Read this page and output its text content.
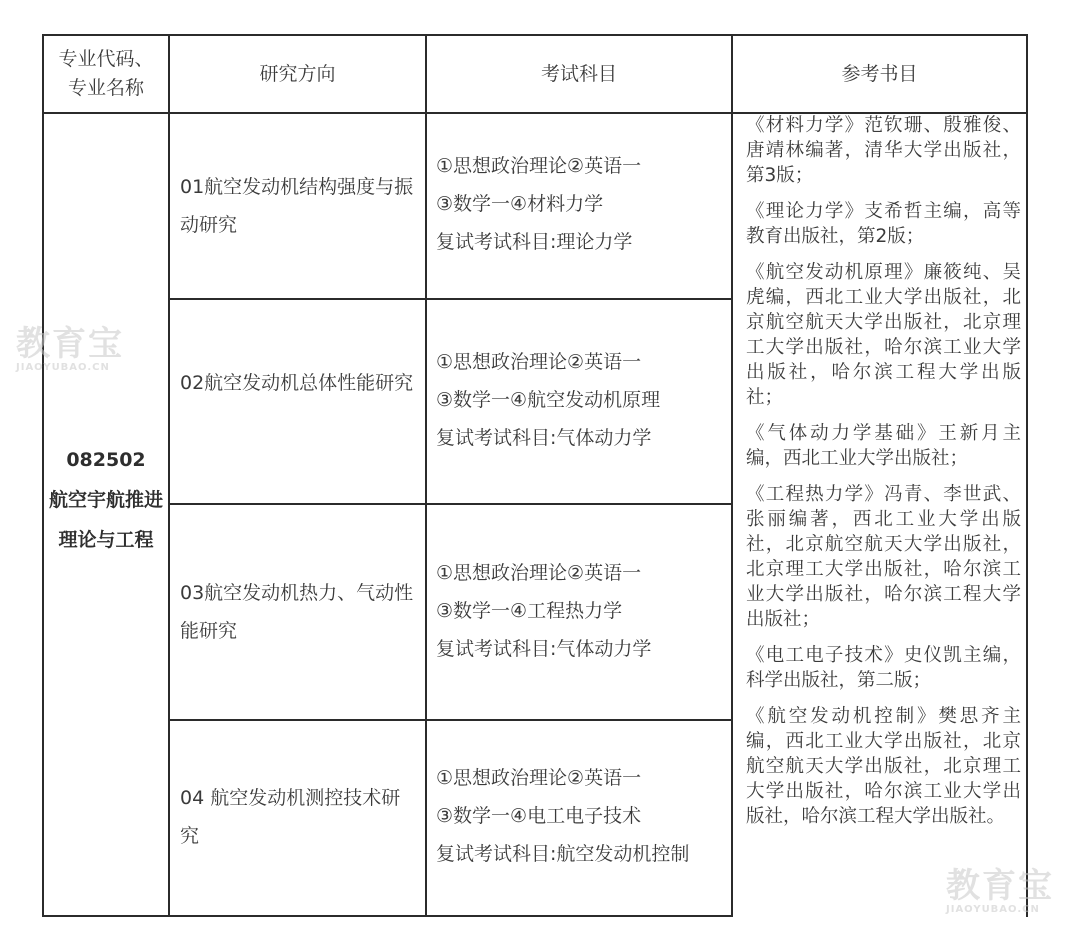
专业代码、专业名称
研究方向	考试科目	参考书目
082502
航空宇航推进理论与工程
01航空发动机结构强度与振动研究
02航空发动机总体性能研究
03航空发动机热力、气动性能研究
04 航空发动机测控技术研究
①思想政治理论②英语一
③数学一④材料力学
复试考试科目:理论力学
①思想政治理论②英语一
③数学一④航空发动机原理
复试考试科目:气体动力学
①思想政治理论②英语一
③数学一④工程热力学
复试考试科目:气体动力学
①思想政治理论②英语一
③数学一④电工电子技术
复试考试科目:航空发动机控制

《材料力学》范钦珊、殷雅俊、唐靖林编著，清华大学出版社，第3版；

《理论力学》支希哲主编，高等教育出版社，第2版；

《航空发动机原理》廉筱纯、吴虎编，西北工业大学出版社，北京航空航天大学出版社，北京理工大学出版社，哈尔滨工业大学出版社，哈尔滨工程大学出版社；

《气体动力学基础》王新月主编，西北工业大学出版社；

《工程热力学》冯青、李世武、张丽编著，西北工业大学出版社，北京航空航天大学出版社，北京理工大学出版社，哈尔滨工业大学出版社，哈尔滨工程大学出版社；

《电工电子技术》史仪凯主编，科学出版社，第二版；

《航空发动机控制》樊思齐主编，西北工业大学出版社，北京航空航天大学出版社，北京理工大学出版社，哈尔滨工业大学出版社，哈尔滨工程大学出版社。

教育宝
JIAOYUBAO.CN
教育宝
JIAOYUBAO.CN
